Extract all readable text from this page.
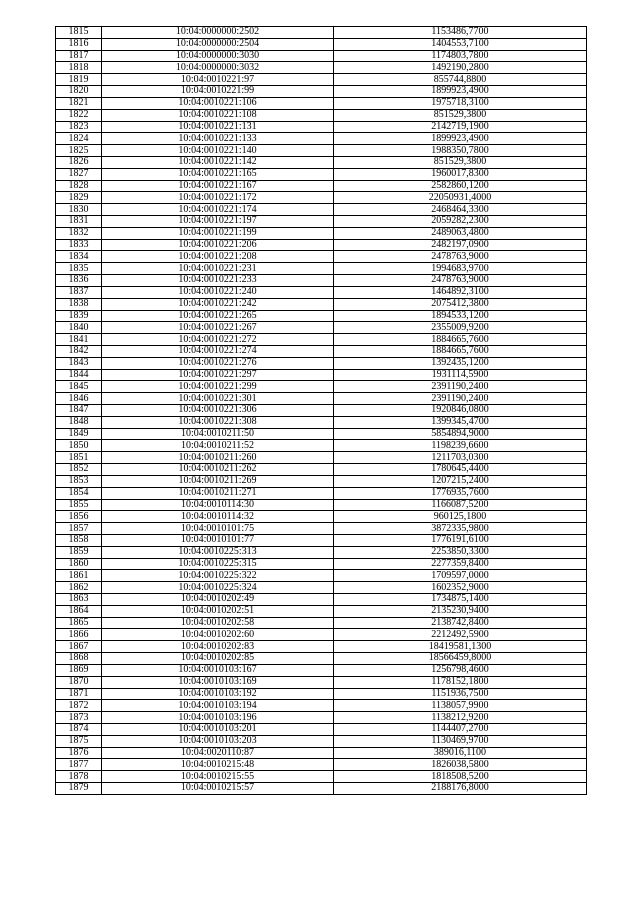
1815	10:04:0000000:2502	1153486,7700
1816	10:04:0000000:2504	1404553,7100
1817	10:04:0000000:3030	1174803,7800
1818	10:04:0000000:3032	1492190,2800
1819	10:04:0010221:97	855744,8800
1820	10:04:0010221:99	1899923,4900
1821	10:04:0010221:106	1975718,3100
1822	10:04:0010221:108	851529,3800
1823	10:04:0010221:131	2142719,1900
1824	10:04:0010221:133	1899923,4900
1825	10:04:0010221:140	1988350,7800
1826	10:04:0010221:142	851529,3800
1827	10:04:0010221:165	1960017,8300
1828	10:04:0010221:167	2582860,1200
1829	10:04:0010221:172	22050931,4000
1830	10:04:0010221:174	2468464,3300
1831	10:04:0010221:197	2059282,2300
1832	10:04:0010221:199	2489063,4800
1833	10:04:0010221:206	2482197,0900
1834	10:04:0010221:208	2478763,9000
1835	10:04:0010221:231	1994683,9700
1836	10:04:0010221:233	2478763,9000
1837	10:04:0010221:240	1464892,3100
1838	10:04:0010221:242	2075412,3800
1839	10:04:0010221:265	1894533,1200
1840	10:04:0010221:267	2355009,9200
1841	10:04:0010221:272	1884665,7600
1842	10:04:0010221:274	1884665,7600
1843	10:04:0010221:276	1392435,1200
1844	10:04:0010221:297	1931114,5900
1845	10:04:0010221:299	2391190,2400
1846	10:04:0010221:301	2391190,2400
1847	10:04:0010221:306	1920846,0800
1848	10:04:0010221:308	1399345,4700
1849	10:04:0010211:50	5854894,9000
1850	10:04:0010211:52	1198239,6600
1851	10:04:0010211:260	1211703,0300
1852	10:04:0010211:262	1780645,4400
1853	10:04:0010211:269	1207215,2400
1854	10:04:0010211:271	1776935,7600
1855	10:04:0010114:30	1166087,5200
1856	10:04:0010114:32	960125,1800
1857	10:04:0010101:75	3872335,9800
1858	10:04:0010101:77	1776191,6100
1859	10:04:0010225:313	2253850,3300
1860	10:04:0010225:315	2277359,8400
1861	10:04:0010225:322	1709597,0000
1862	10:04:0010225:324	1602352,9000
1863	10:04:0010202:49	1734875,1400
1864	10:04:0010202:51	2135230,9400
1865	10:04:0010202:58	2138742,8400
1866	10:04:0010202:60	2212492,5900
1867	10:04:0010202:83	18419581,1300
1868	10:04:0010202:85	18566459,8000
1869	10:04:0010103:167	1256798,4600
1870	10:04:0010103:169	1178152,1800
1871	10:04:0010103:192	1151936,7500
1872	10:04:0010103:194	1138057,9900
1873	10:04:0010103:196	1138212,9200
1874	10:04:0010103:201	1144407,2700
1875	10:04:0010103:203	1130469,9700
1876	10:04:0020110:87	389016,1100
1877	10:04:0010215:48	1826038,5800
1878	10:04:0010215:55	1818508,5200
1879	10:04:0010215:57	2188176,8000
